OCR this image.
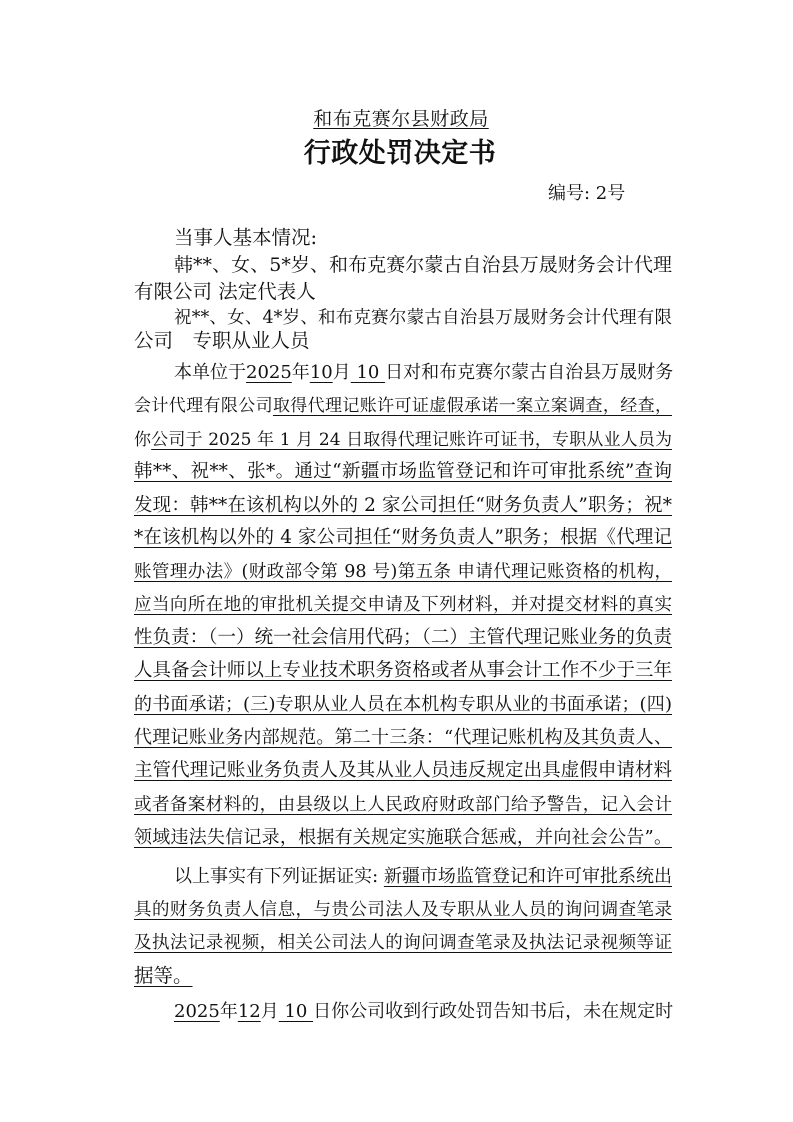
和布克赛尔县财政局
行政处罚决定书
编号: 2号
当事人基本情况:
韩**、女、5*岁、和布克赛尔蒙古自治县万晟财务会计代理
有限公司 法定代表人
祝**、女、4*岁、和布克赛尔蒙古自治县万晟财务会计代理有限
公司　专职从业人员
本单位于2025年10月 10 日对和布克赛尔蒙古自治县万晟财务
会计代理有限公司取得代理记账许可证虚假承诺一案立案调查，经查，
你公司于 2025 年 1 月 24 日取得代理记账许可证书，专职从业人员为
韩**、祝**、张*。通过“新疆市场监管登记和许可审批系统”查询
发现：韩**在该机构以外的 2 家公司担任“财务负责人”职务；祝*
*在该机构以外的 4 家公司担任“财务负责人”职务；根据《代理记
账管理办法》(财政部令第 98 号)第五条 申请代理记账资格的机构，
应当向所在地的审批机关提交申请及下列材料，并对提交材料的真实
性负责：（一）统一社会信用代码；（二）主管代理记账业务的负责
人具备会计师以上专业技术职务资格或者从事会计工作不少于三年
的书面承诺；(三)专职从业人员在本机构专职从业的书面承诺；(四)
代理记账业务内部规范。第二十三条：“代理记账机构及其负责人、
主管代理记账业务负责人及其从业人员违反规定出具虚假申请材料
或者备案材料的，由县级以上人民政府财政部门给予警告，记入会计
领域违法失信记录，根据有关规定实施联合惩戒，并向社会公告”。
以上事实有下列证据证实: 新疆市场监管登记和许可审批系统出
具的财务负责人信息，与贵公司法人及专职从业人员的询问调查笔录
及执法记录视频，相关公司法人的询问调查笔录及执法记录视频等证
据等。
2025年12月 10 日你公司收到行政处罚告知书后，未在规定时
